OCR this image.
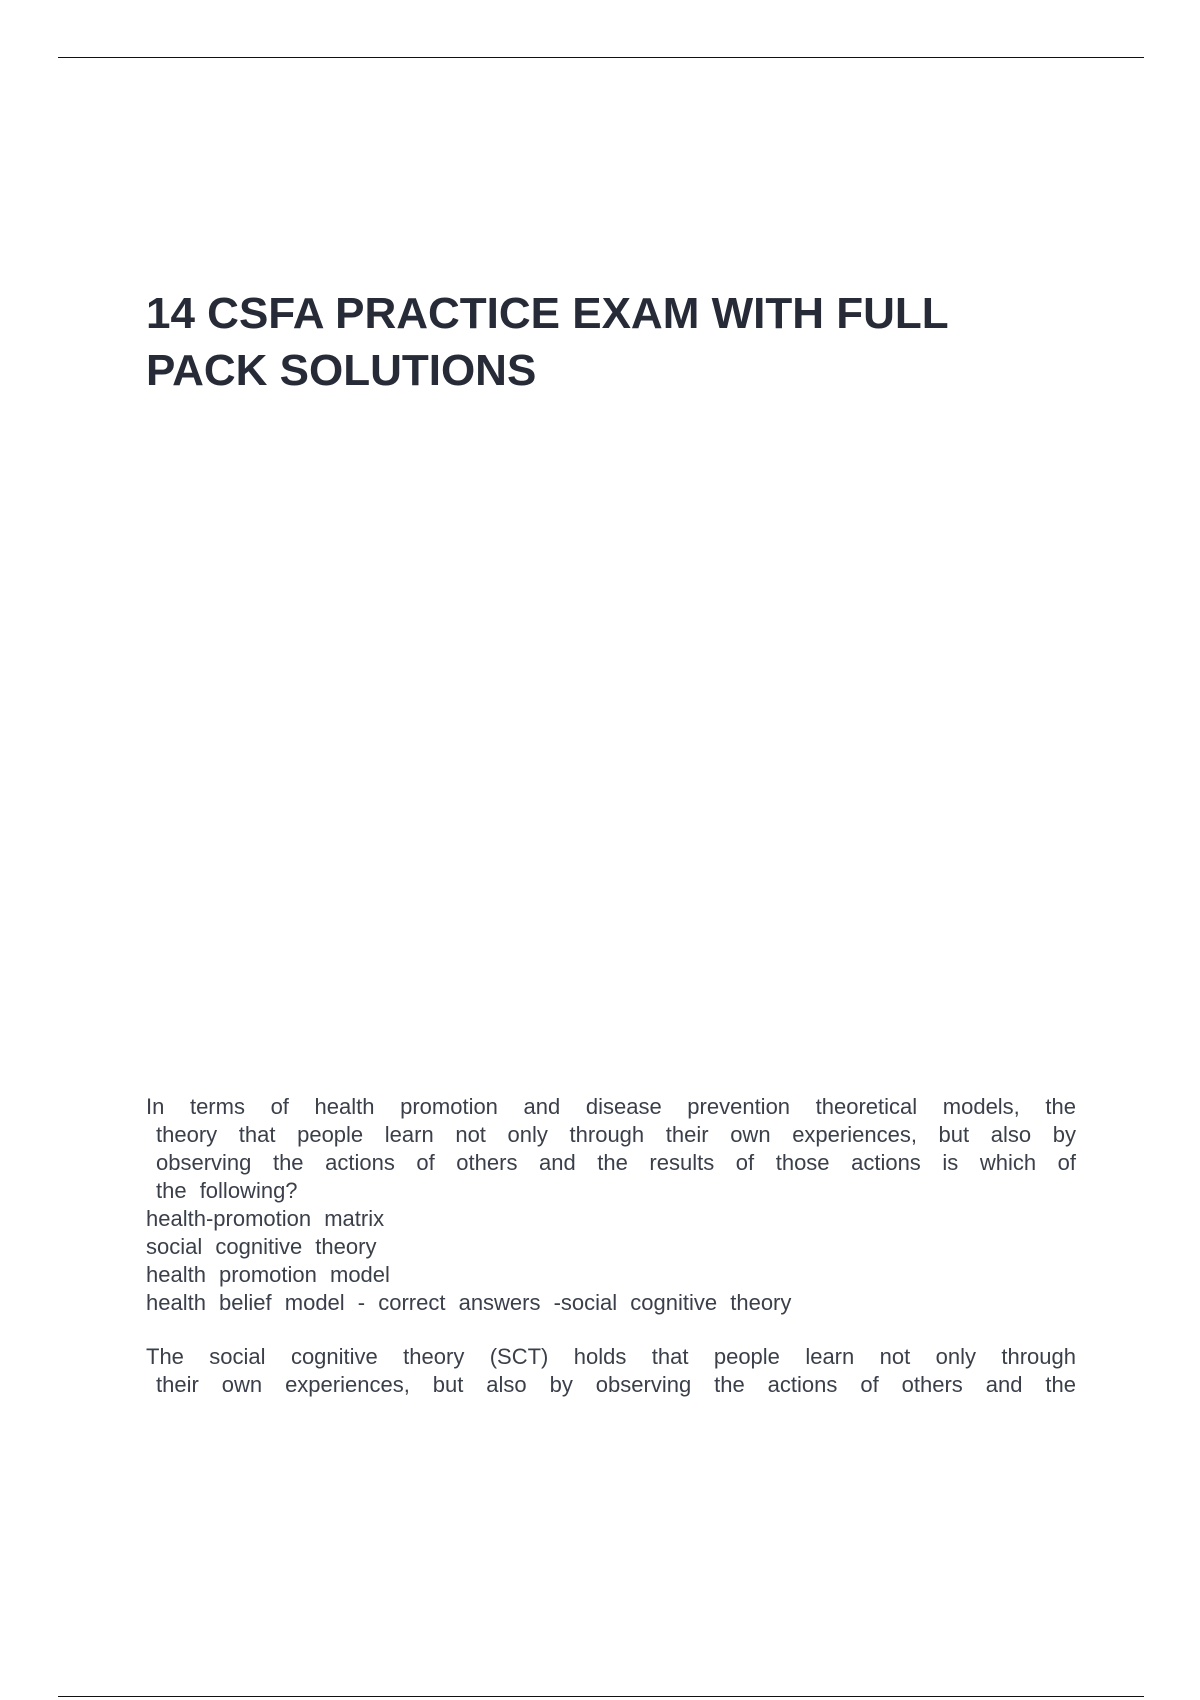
14 CSFA PRACTICE EXAM WITH FULL
PACK SOLUTIONS
In terms of health promotion and disease prevention theoretical models, the
theory that people learn not only through their own experiences, but also by
observing the actions of others and the results of those actions is which of
the following?
health-promotion matrix
social cognitive theory
health promotion model
health belief model - correct answers -social cognitive theory
The social cognitive theory (SCT) holds that people learn not only through
their own experiences, but also by observing the actions of others and the
